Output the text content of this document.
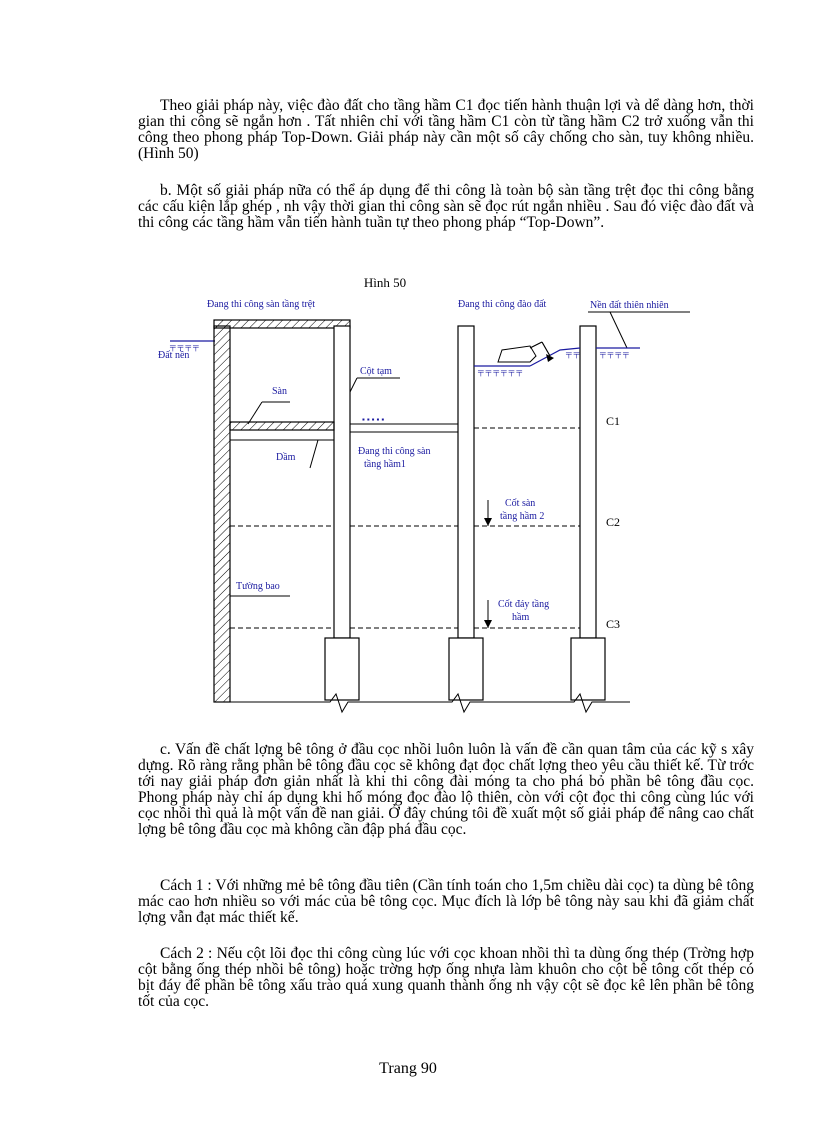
Theo giải pháp này, việc đào đất cho tầng hầm C1 đọc tiến hành thuận lợi và dể dàng hơn, thời gian thi công sẽ ngắn hơn . Tất nhiên chỉ với tầng hầm C1 còn từ tầng hầm C2 trở xuống vẫn thi công theo phong pháp Top-Down. Giải pháp này cần một số cây chống cho sàn, tuy không nhiều. (Hình 50)

b. Một số giải pháp nữa có thể áp dụng để thi công là toàn bộ sàn tầng trệt đọc thi công bằng các cấu kiện lắp ghép , nh vậy thời gian thi công sàn sẽ đọc rút ngắn nhiều . Sau đó việc đào đất và thi công các tầng hầm vẫn tiến hành tuần tự theo phong pháp “Top-Down”.

Hình 50
Đang thi công sàn tầng trệt	Đang thi công đào đất	Nền đất thiên nhiên
Đất nền
╤ ╤ ╤ ╤
▪ ▪ ▪ ▪ ▪
Cột tạm
Sàn
Dầm
Đang thi công sàn
tầng hầm1
Tường bao
╤ ╤ ╤ ╤ ╤ ╤
╤ ╤	╤ ╤ ╤ ╤
C1
C2
C3
Cốt sàn
tầng hầm 2
Cốt đáy tầng
hầm

c. Vấn đề chất lợng bê tông ở đầu cọc nhồi luôn luôn là vấn đề cần quan tâm của các kỹ s xây dựng. Rõ ràng rằng phần bê tông đầu cọc sẽ không đạt đọc chất lợng theo yêu cầu thiết kế. Từ trớc tới nay giải pháp đơn giản nhất là khi thi công đài móng ta cho phá bỏ phần bê tông đầu cọc. Phong pháp này chỉ áp dụng khi hố móng đọc đào lộ thiên, còn với cột đọc thi công cùng lúc với cọc nhồi thì quả là một vấn đề nan giải. Ở đây chúng tôi đề xuất một số giải pháp để nâng cao chất lợng bê tông đầu cọc mà không cần đập phá đầu cọc.

Cách 1 : Với những mẻ bê tông đầu tiên (Cần tính toán cho 1,5m chiều dài cọc) ta dùng bê tông mác cao hơn nhiều so với mác của bê tông cọc. Mục đích là lớp bê tông này sau khi đã giảm chất lợng vẫn đạt mác thiết kế.

Cách 2 : Nếu cột lõi đọc thi công cùng lúc với cọc khoan nhồi thì ta dùng ống thép (Trờng hợp cột bằng ống thép nhồi bê tông) hoặc trờng hợp ống nhựa làm khuôn cho cột bê tông cốt thép có bịt đáy để phần bê tông xấu trào quá xung quanh thành ống nh vậy cột sẽ đọc kê lên phần bê tông tốt của cọc.

Trang 90
